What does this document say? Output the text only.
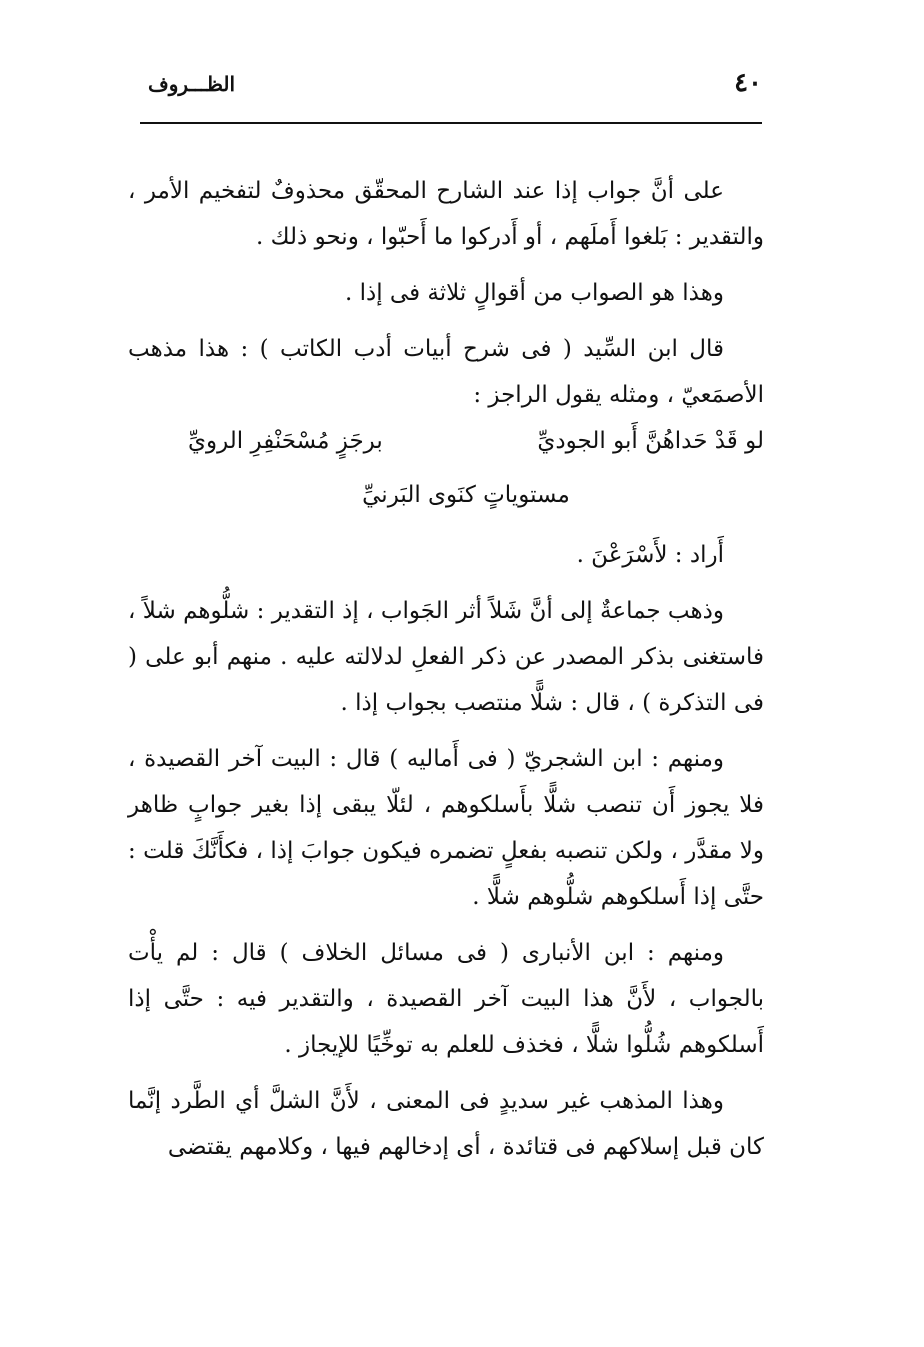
٤٠
الظـــروف

على أنَّ جواب إذا عند الشارح المحقّق محذوفٌ لتفخيم الأمر ، والتقدير : بَلغوا أَملَهم ، أو أَدركوا ما أَحبّوا ، ونحو ذلك .

وهذا هو الصواب من أقوالٍ ثلاثة فى إذا .

قال ابن السِّيد ( فى شرح أبيات أدب الكاتب ) : هذا مذهب الأصمَعيّ ، ومثله يقول الراجز :

لو قَدْ حَداهُنَّ أَبو الجوديِّ
برجَزٍ مُسْحَنْفِرِ الرويِّ
مستوياتٍ كنَوى البَرنيِّ

أَراد : لأَسْرَعْنَ .

وذهب جماعةٌ إلى أنَّ شَلاً أثر الجَواب ، إذ التقدير : شلُّوهم شلاً ، فاستغنى بذكر المصدر عن ذكر الفعلِ لدلالته عليه . منهم أبو على ( فى التذكرة ) ، قال : شلًّا منتصب بجواب إذا .

ومنهم : ابن الشجريّ ( فى أَماليه ) قال : البيت آخر القصيدة ، فلا يجوز أَن تنصب شلًّا بأَسلكوهم ، لئلّا يبقى إذا بغير جوابٍ ظاهر ولا مقدَّر ، ولكن تنصبه بفعلٍ تضمره فيكون جوابَ إذا ، فكأَنَّكَ قلت : حتَّى إذا أَسلكوهم شلُّوهم شلًّا .

ومنهم : ابن الأنبارى ( فى مسائل الخلاف ) قال : لم يأْت بالجواب ، لأَنَّ هذا البيت آخر القصيدة ، والتقدير فيه : حتَّى إذا أَسلكوهم شُلُّوا شلًّا ، فخذف للعلم به توخِّيًا للإيجاز .

وهذا المذهب غير سديدٍ فى المعنى ، لأَنَّ الشلَّ أي الطَّرد إنَّما كان قبل إسلاكهم فى قتائدة ، أى إدخالهم فيها ، وكلامهم يقتضى
